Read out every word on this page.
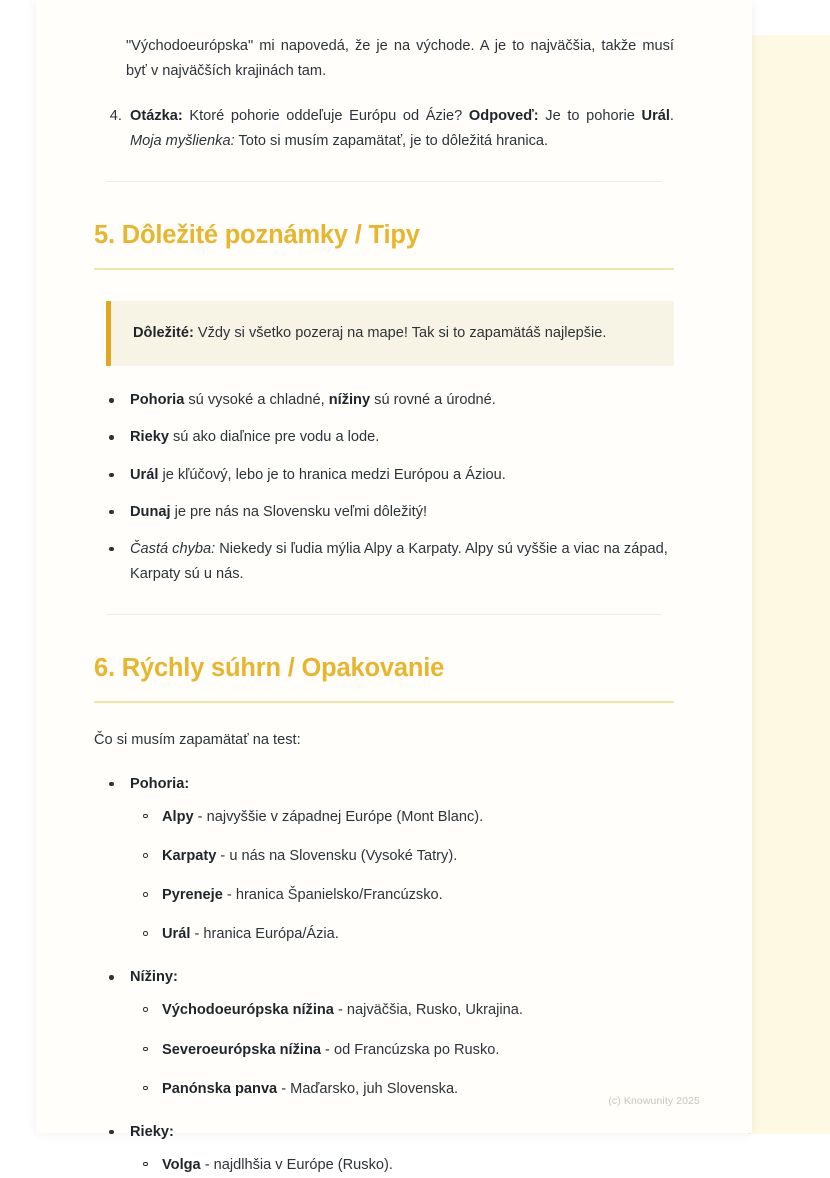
"Východoeurópska" mi napovedá, že je na východe. A je to najväčšia, takže musí byť v najväčších krajinách tam.

4. Otázka: Ktoré pohorie oddeľuje Európu od Ázie? Odpoveď: Je to pohorie Urál. Moja myšlienka: Toto si musím zapamätať, je to dôležitá hranica.
5. Dôležité poznámky / Tipy

Dôležité: Vždy si všetko pozeraj na mape! Tak si to zapamätáš najlepšie.

Pohoria sú vysoké a chladné, nížiny sú rovné a úrodné.
Rieky sú ako diaľnice pre vodu a lode.
Urál je kľúčový, lebo je to hranica medzi Európou a Áziou.
Dunaj je pre nás na Slovensku veľmi dôležitý!
Častá chyba: Niekedy si ľudia mýlia Alpy a Karpaty. Alpy sú vyššie a viac na západ, Karpaty sú u nás.
6. Rýchly súhrn / Opakovanie

Čo si musím zapamätať na test:

Pohoria:
Alpy - najvyššie v západnej Európe (Mont Blanc).
Karpaty - u nás na Slovensku (Vysoké Tatry).
Pyreneje - hranica Španielsko/Francúzsko.
Urál - hranica Európa/Ázia.
Nížiny:
Východoeurópska nížina - najväčšia, Rusko, Ukrajina.
Severoeurópska nížina - od Francúzska po Rusko.
Panónska panva - Maďarsko, juh Slovenska.
Rieky:
Volga - najdlhšia v Európe (Rusko).
(c) Knowunity 2025
